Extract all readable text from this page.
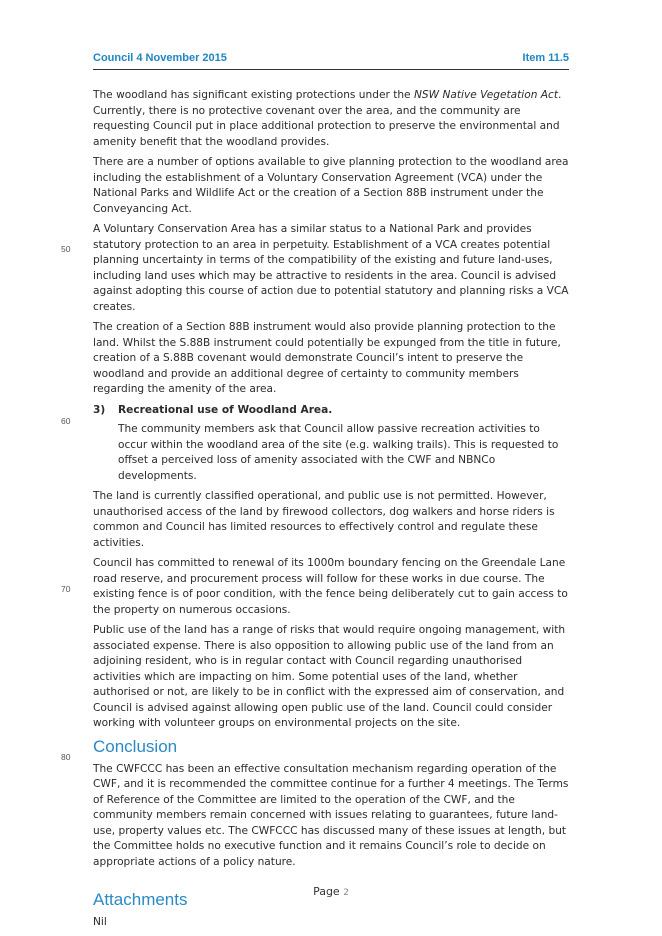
Council 4 November 2015	Item 11.5
50
60
70
80

The woodland has significant existing protections under the NSW Native Vegetation Act. Currently, there is no protective covenant over the area, and the community are requesting Council put in place additional protection to preserve the environmental and amenity benefit that the woodland provides.

There are a number of options available to give planning protection to the woodland area including the establishment of a Voluntary Conservation Agreement (VCA) under the National Parks and Wildlife Act or the creation of a Section 88B instrument under the Conveyancing Act.

A Voluntary Conservation Area has a similar status to a National Park and provides statutory protection to an area in perpetuity. Establishment of a VCA creates potential planning uncertainty in terms of the compatibility of the existing and future land-uses, including land uses which may be attractive to residents in the area. Council is advised against adopting this course of action due to potential statutory and planning risks a VCA creates.

The creation of a Section 88B instrument would also provide planning protection to the land. Whilst the S.88B instrument could potentially be expunged from the title in future, creation of a S.88B covenant would demonstrate Council’s intent to preserve the woodland and provide an additional degree of certainty to community members regarding the amenity of the area.

3)	Recreational use of Woodland Area.

The community members ask that Council allow passive recreation activities to occur within the woodland area of the site (e.g. walking trails). This is requested to offset a perceived loss of amenity associated with the CWF and NBNCo developments.

The land is currently classified operational, and public use is not permitted. However, unauthorised access of the land by firewood collectors, dog walkers and horse riders is common and Council has limited resources to effectively control and regulate these activities.

Council has committed to renewal of its 1000m boundary fencing on the Greendale Lane road reserve, and procurement process will follow for these works in due course. The existing fence is of poor condition, with the fence being deliberately cut to gain access to the property on numerous occasions.

Public use of the land has a range of risks that would require ongoing management, with associated expense. There is also opposition to allowing public use of the land from an adjoining resident, who is in regular contact with Council regarding unauthorised activities which are impacting on him. Some potential uses of the land, whether authorised or not, are likely to be in conflict with the expressed aim of conservation, and Council is advised against allowing open public use of the land. Council could consider working with volunteer groups on environmental projects on the site.

Conclusion

The CWFCCC has been an effective consultation mechanism regarding operation of the CWF, and it is recommended the committee continue for a further 4 meetings. The Terms of Reference of the Committee are limited to the operation of the CWF, and the community members remain concerned with issues relating to guarantees, future land-use, property values etc. The CWFCCC has discussed many of these issues at length, but the Committee holds no executive function and it remains Council’s role to decide on appropriate actions of a policy nature.

Attachments

Nil

Page 2
